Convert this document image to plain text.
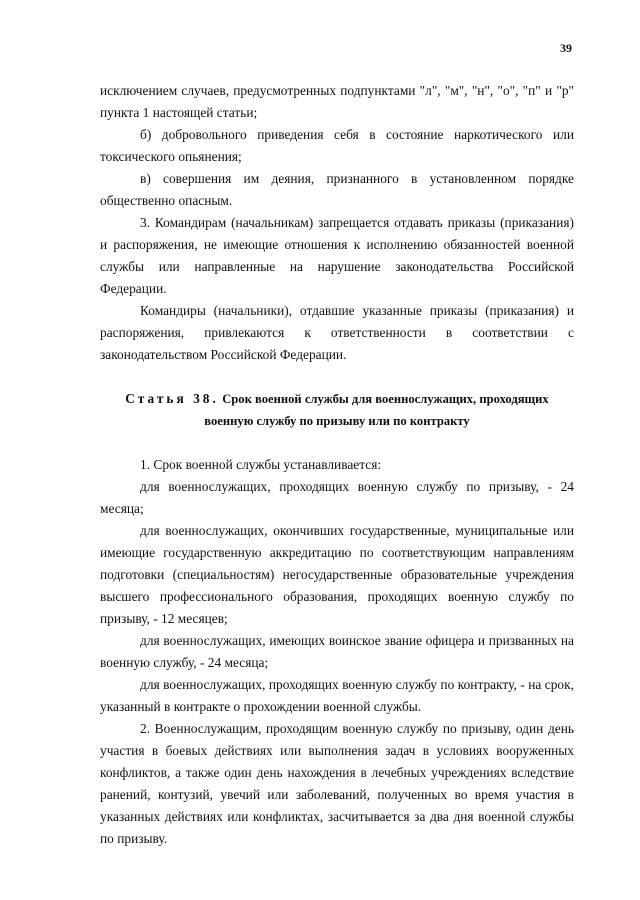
39

исключением случаев, предусмотренных подпунктами "л", "м", "н", "о", "п" и "р" пункта 1 настоящей статьи;

б) добровольного приведения себя в состояние наркотического или токсического опьянения;

в) совершения им деяния, признанного в установленном порядке общественно опасным.

3. Командирам (начальникам) запрещается отдавать приказы (приказания) и распоряжения, не имеющие отношения к исполнению обязанностей военной службы или направленные на нарушение законодательства Российской Федерации.

Командиры (начальники), отдавшие указанные приказы (приказания) и распоряжения, привлекаются к ответственности в соответствии с законодательством Российской Федерации.

Статья 38. Срок военной службы для военнослужащих, проходящих военную службу по призыву или по контракту

1. Срок военной службы устанавливается:

для военнослужащих, проходящих военную службу по призыву, - 24 месяца;

для военнослужащих, окончивших государственные, муниципальные или имеющие государственную аккредитацию по соответствующим направлениям подготовки (специальностям) негосударственные образовательные учреждения высшего профессионального образования, проходящих военную службу по призыву, - 12 месяцев;

для военнослужащих, имеющих воинское звание офицера и призванных на военную службу, - 24 месяца;

для военнослужащих, проходящих военную службу по контракту, - на срок, указанный в контракте о прохождении военной службы.

2. Военнослужащим, проходящим военную службу по призыву, один день участия в боевых действиях или выполнения задач в условиях вооруженных конфликтов, а также один день нахождения в лечебных учреждениях вследствие ранений, контузий, увечий или заболеваний, полученных во время участия в указанных действиях или конфликтах, засчитывается за два дня военной службы по призыву.
